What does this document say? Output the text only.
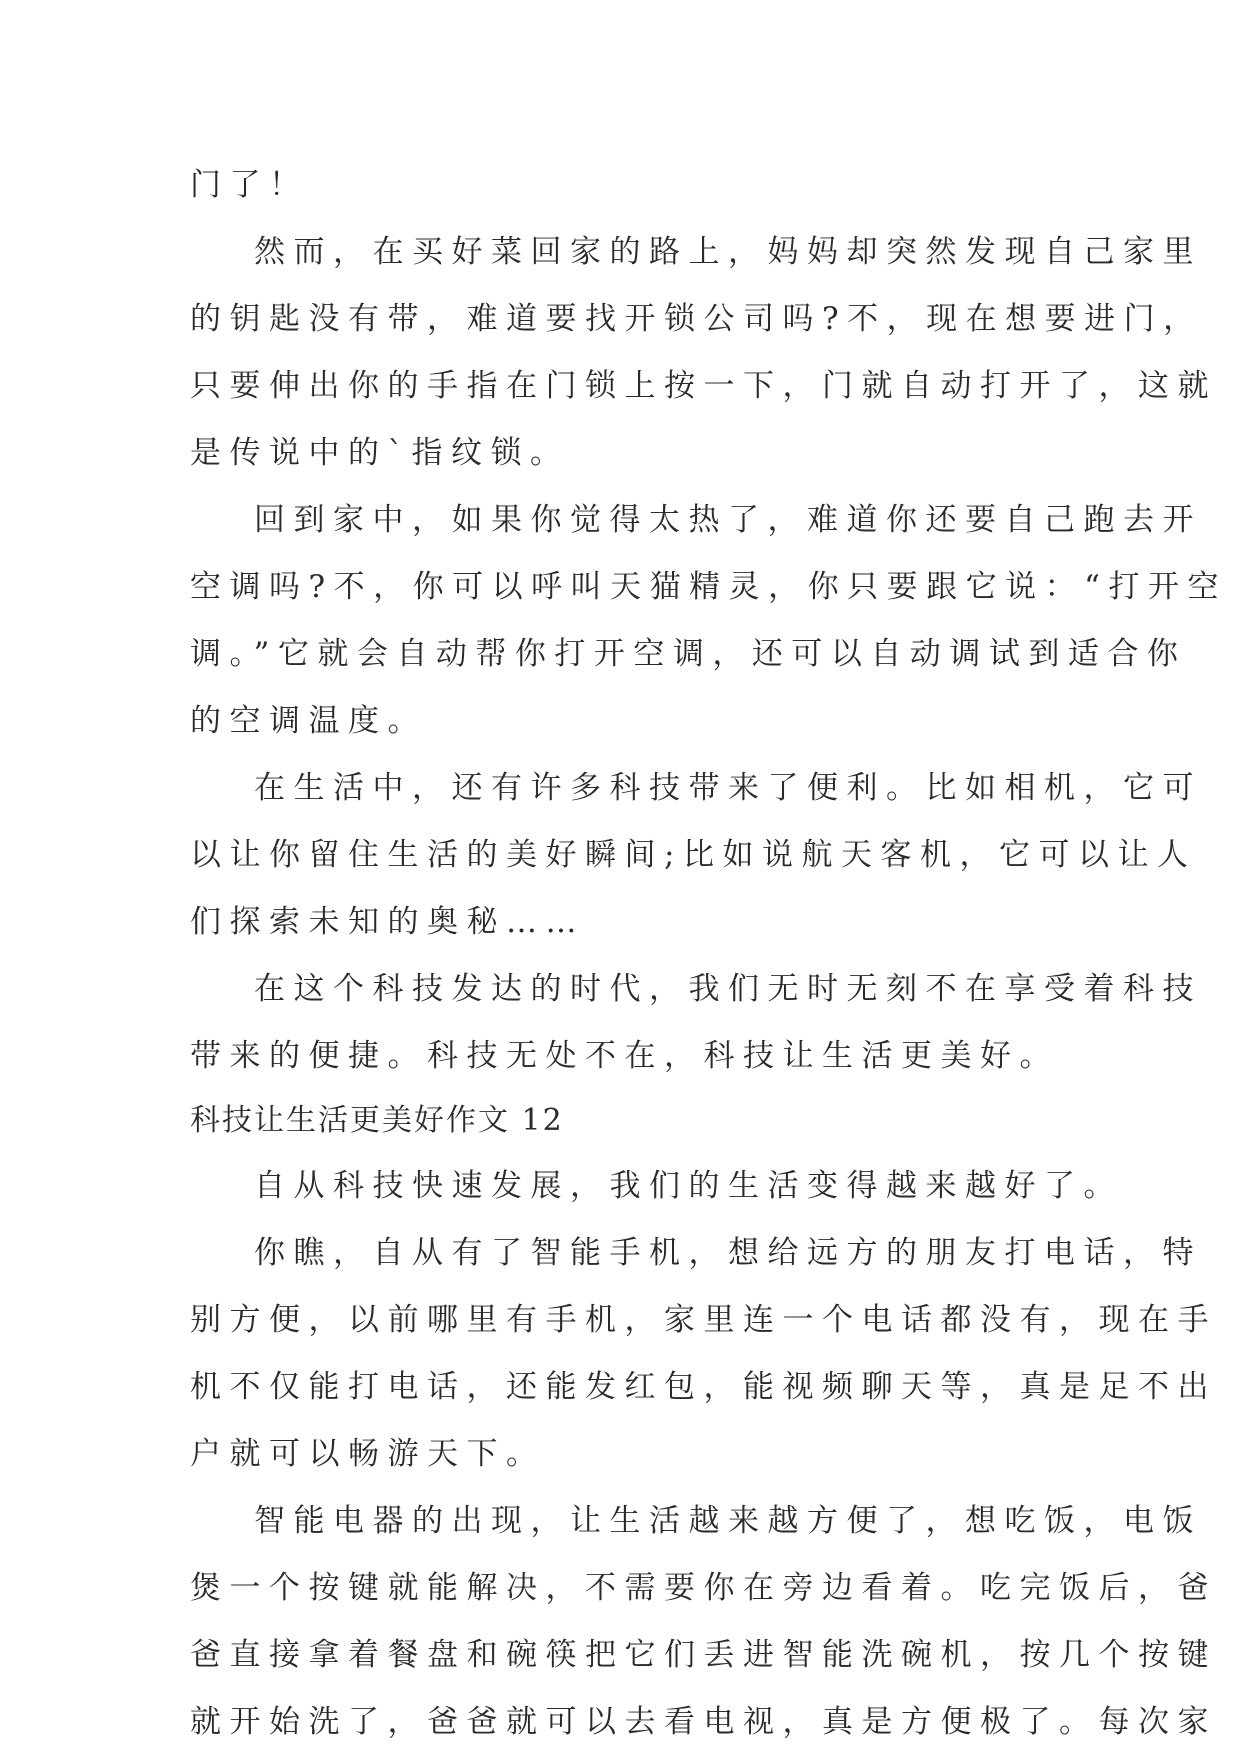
门了！
然而，在买好菜回家的路上，妈妈却突然发现自己家里
的钥匙没有带，难道要找开锁公司吗?不，现在想要进门，
只要伸出你的手指在门锁上按一下，门就自动打开了，这就
是传说中的`指纹锁。
回到家中，如果你觉得太热了，难道你还要自己跑去开
空调吗?不，你可以呼叫天猫精灵，你只要跟它说：“打开空
调。”它就会自动帮你打开空调，还可以自动调试到适合你
的空调温度。
在生活中，还有许多科技带来了便利。比如相机，它可
以让你留住生活的美好瞬间;比如说航天客机，它可以让人
们探索未知的奥秘……
在这个科技发达的时代，我们无时无刻不在享受着科技
带来的便捷。科技无处不在，科技让生活更美好。
科技让生活更美好作文 12
自从科技快速发展，我们的生活变得越来越好了。
你瞧，自从有了智能手机，想给远方的朋友打电话，特
别方便，以前哪里有手机，家里连一个电话都没有，现在手
机不仅能打电话，还能发红包，能视频聊天等，真是足不出
户就可以畅游天下。
智能电器的出现，让生活越来越方便了，想吃饭，电饭
煲一个按键就能解决，不需要你在旁边看着。吃完饭后，爸
爸直接拿着餐盘和碗筷把它们丢进智能洗碗机，按几个按键
就开始洗了，爸爸就可以去看电视，真是方便极了。每次家
